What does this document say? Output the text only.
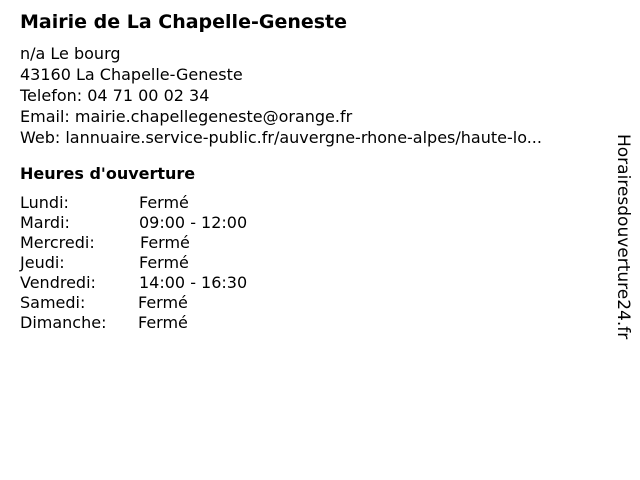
Mairie de La Chapelle-Geneste
n/a Le bourg
43160 La Chapelle-Geneste
Telefon: 04 71 00 02 34
Email: mairie.chapellegeneste@orange.fr
Web: lannuaire.service-public.fr/auvergne-rhone-alpes/haute-lo...
Heures d'ouverture
Lundi:	Fermé
Mardi:	09:00 - 12:00
Mercredi:	Fermé
Jeudi:	Fermé
Vendredi:	14:00 - 16:30
Samedi:	Fermé
Dimanche: Fermé	Horairesdouverture24.fr
